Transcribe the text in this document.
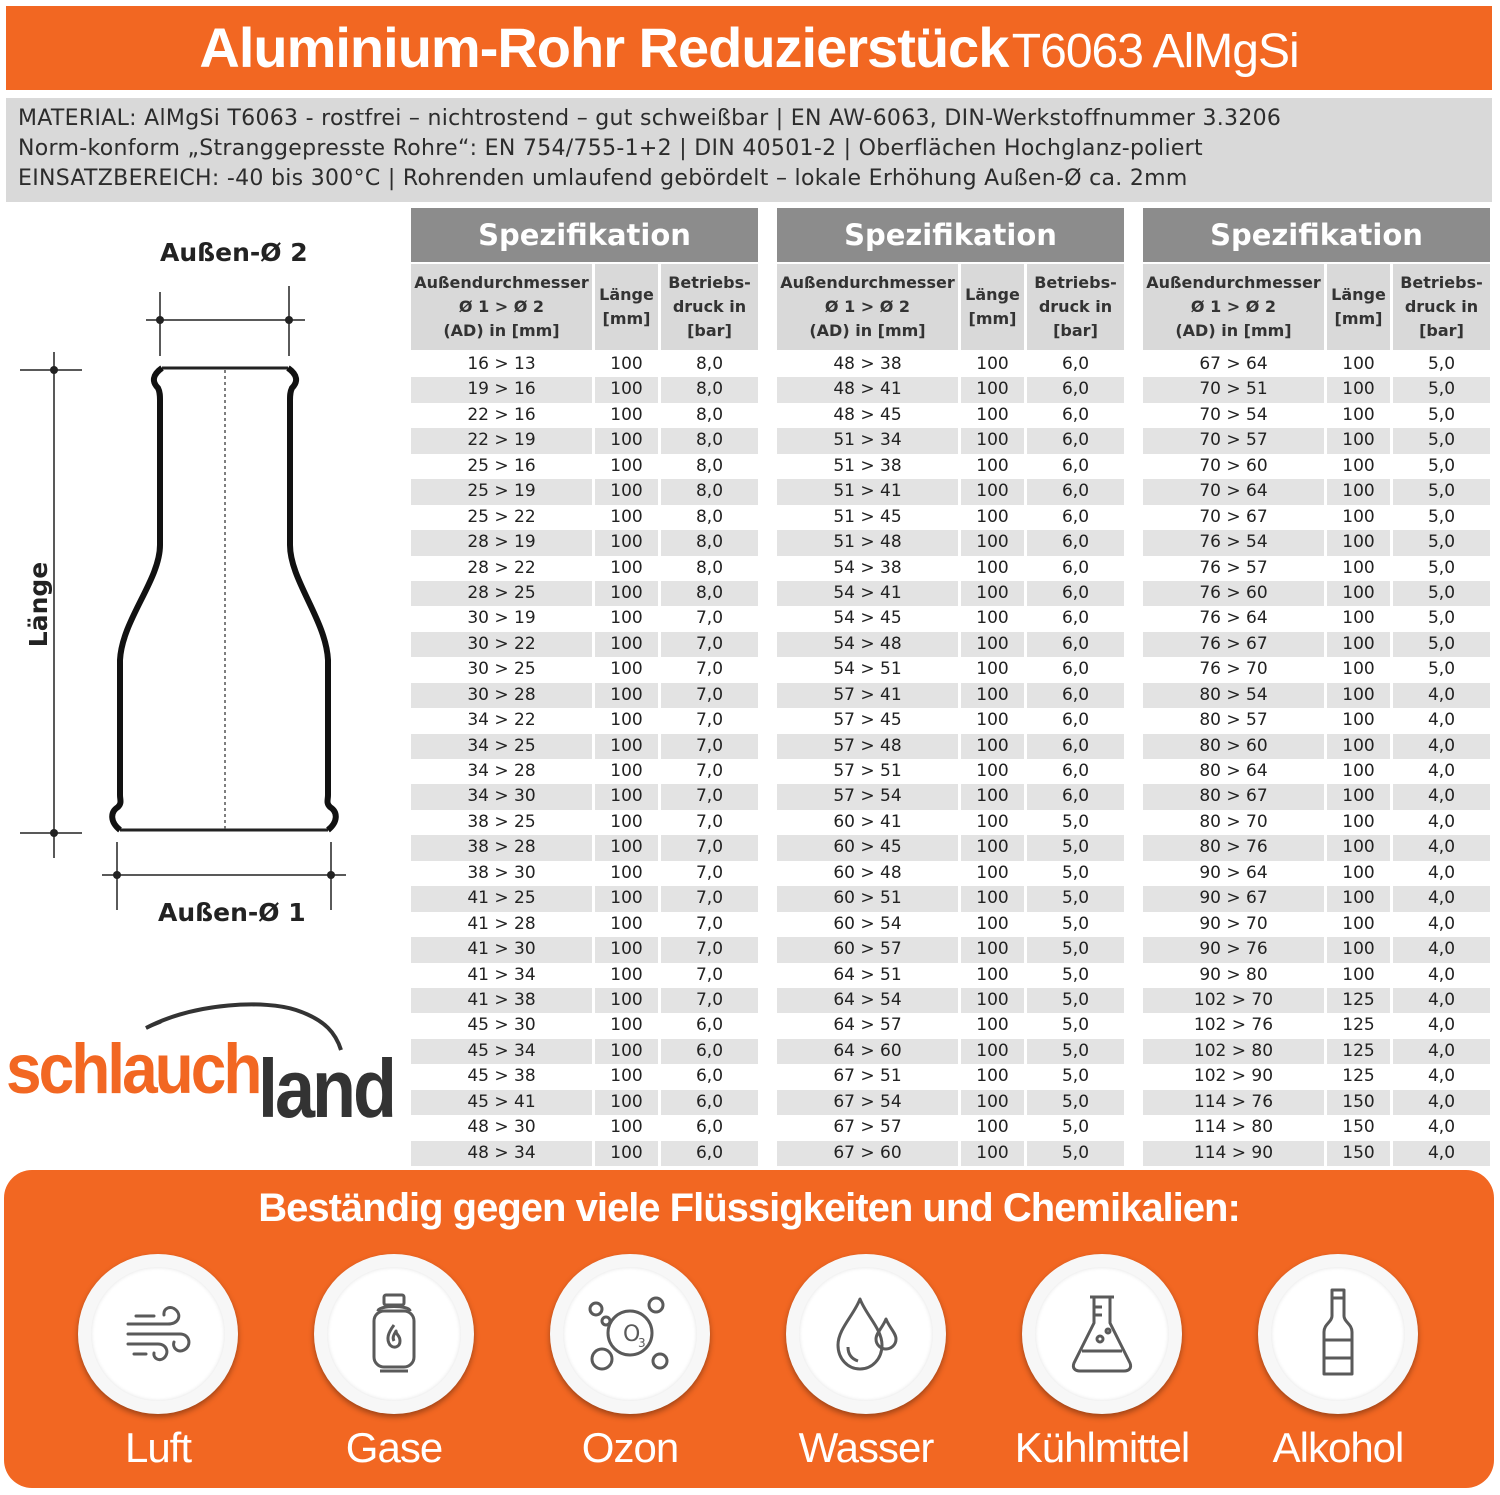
Aluminium-Rohr Reduzierstück T6063 AlMgSi
MATERIAL: AlMgSi T6063 - rostfrei – nichtrostend – gut schweißbar | EN AW-6063, DIN-Werkstoffnummer 3.3206
Norm-konform „Stranggepresste Rohre“: EN 754/755-1+2 | DIN 40501-2 | Oberflächen Hochglanz-poliert
EINSATZBEREICH: -40 bis 300°C | Rohrenden umlaufend gebördelt – lokale Erhöhung Außen-Ø ca. 2mm
Außen-Ø 2
Außen-Ø 1
Länge
schlauch
land
Spezifikation
Außendurchmesser
Ø 1 > Ø 2
(AD) in [mm]
Länge
[mm]
Betriebs-
druck in
[bar]
16 > 13	100	8,0
19 > 16	100	8,0
22 > 16	100	8,0
22 > 19	100	8,0
25 > 16	100	8,0
25 > 19	100	8,0
25 > 22	100	8,0
28 > 19	100	8,0
28 > 22	100	8,0
28 > 25	100	8,0
30 > 19	100	7,0
30 > 22	100	7,0
30 > 25	100	7,0
30 > 28	100	7,0
34 > 22	100	7,0
34 > 25	100	7,0
34 > 28	100	7,0
34 > 30	100	7,0
38 > 25	100	7,0
38 > 28	100	7,0
38 > 30	100	7,0
41 > 25	100	7,0
41 > 28	100	7,0
41 > 30	100	7,0
41 > 34	100	7,0
41 > 38	100	7,0
45 > 30	100	6,0
45 > 34	100	6,0
45 > 38	100	6,0
45 > 41	100	6,0
48 > 30	100	6,0
48 > 34	100	6,0
Spezifikation
Außendurchmesser
Ø 1 > Ø 2
(AD) in [mm]
Länge
[mm]
Betriebs-
druck in
[bar]
48 > 38	100	6,0
48 > 41	100	6,0
48 > 45	100	6,0
51 > 34	100	6,0
51 > 38	100	6,0
51 > 41	100	6,0
51 > 45	100	6,0
51 > 48	100	6,0
54 > 38	100	6,0
54 > 41	100	6,0
54 > 45	100	6,0
54 > 48	100	6,0
54 > 51	100	6,0
57 > 41	100	6,0
57 > 45	100	6,0
57 > 48	100	6,0
57 > 51	100	6,0
57 > 54	100	6,0
60 > 41	100	5,0
60 > 45	100	5,0
60 > 48	100	5,0
60 > 51	100	5,0
60 > 54	100	5,0
60 > 57	100	5,0
64 > 51	100	5,0
64 > 54	100	5,0
64 > 57	100	5,0
64 > 60	100	5,0
67 > 51	100	5,0
67 > 54	100	5,0
67 > 57	100	5,0
67 > 60	100	5,0
Spezifikation
Außendurchmesser
Ø 1 > Ø 2
(AD) in [mm]
Länge
[mm]
Betriebs-
druck in
[bar]
67 > 64	100	5,0
70 > 51	100	5,0
70 > 54	100	5,0
70 > 57	100	5,0
70 > 60	100	5,0
70 > 64	100	5,0
70 > 67	100	5,0
76 > 54	100	5,0
76 > 57	100	5,0
76 > 60	100	5,0
76 > 64	100	5,0
76 > 67	100	5,0
76 > 70	100	5,0
80 > 54	100	4,0
80 > 57	100	4,0
80 > 60	100	4,0
80 > 64	100	4,0
80 > 67	100	4,0
80 > 70	100	4,0
80 > 76	100	4,0
90 > 64	100	4,0
90 > 67	100	4,0
90 > 70	100	4,0
90 > 76	100	4,0
90 > 80	100	4,0
102 > 70	125	4,0
102 > 76	125	4,0
102 > 80	125	4,0
102 > 90	125	4,0
114 > 76	150	4,0
114 > 80	150	4,0
114 > 90	150	4,0
Beständig gegen viele Flüssigkeiten und Chemikalien:
Luft	Gase
O
3
Ozon	Wasser	Kühlmittel	Alkohol
